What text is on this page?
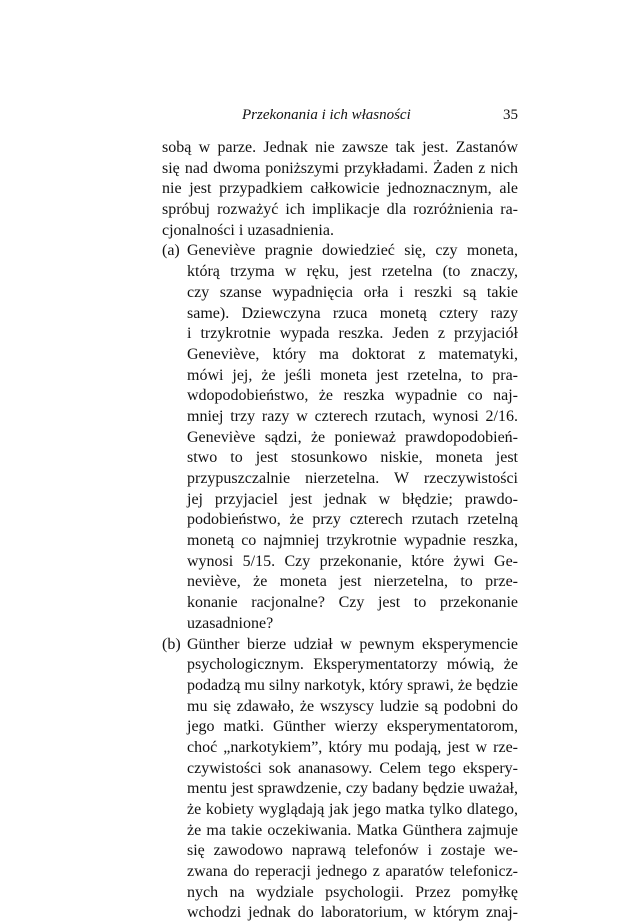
Przekonania i ich własności	35
sobą w parze. Jednak nie zawsze tak jest. Zastanów
się nad dwoma poniższymi przykładami. Żaden z nich
nie jest przypadkiem całkowicie jednoznacznym, ale
spróbuj rozważyć ich implikacje dla rozróżnienia ra-
cjonalności i uzasadnienia.
(a) Geneviève pragnie dowiedzieć się, czy moneta,
którą trzyma w ręku, jest rzetelna (to znaczy,
czy szanse wypadnięcia orła i reszki są takie
same). Dziewczyna rzuca monetą cztery razy
i trzykrotnie wypada reszka. Jeden z przyjaciół
Geneviève, który ma doktorat z matematyki,
mówi jej, że jeśli moneta jest rzetelna, to pra-
wdopodobieństwo, że reszka wypadnie co naj-
mniej trzy razy w czterech rzutach, wynosi 2/16.
Geneviève sądzi, że ponieważ prawdopodobień-
stwo to jest stosunkowo niskie, moneta jest
przypuszczalnie nierzetelna. W rzeczywistości
jej przyjaciel jest jednak w błędzie; prawdo-
podobieństwo, że przy czterech rzutach rzetelną
monetą co najmniej trzykrotnie wypadnie reszka,
wynosi 5/15. Czy przekonanie, które żywi Ge-
neviève, że moneta jest nierzetelna, to prze-
konanie racjonalne? Czy jest to przekonanie
uzasadnione?
(b) Günther bierze udział w pewnym eksperymencie
psychologicznym. Eksperymentatorzy mówią, że
podadzą mu silny narkotyk, który sprawi, że będzie
mu się zdawało, że wszyscy ludzie są podobni do
jego matki. Günther wierzy eksperymentatorom,
choć „narkotykiem”, który mu podają, jest w rze-
czywistości sok ananasowy. Celem tego ekspery-
mentu jest sprawdzenie, czy badany będzie uważał,
że kobiety wyglądają jak jego matka tylko dlatego,
że ma takie oczekiwania. Matka Günthera zajmuje
się zawodowo naprawą telefonów i zostaje we-
zwana do reperacji jednego z aparatów telefonicz-
nych na wydziale psychologii. Przez pomyłkę
wchodzi jednak do laboratorium, w którym znaj-
